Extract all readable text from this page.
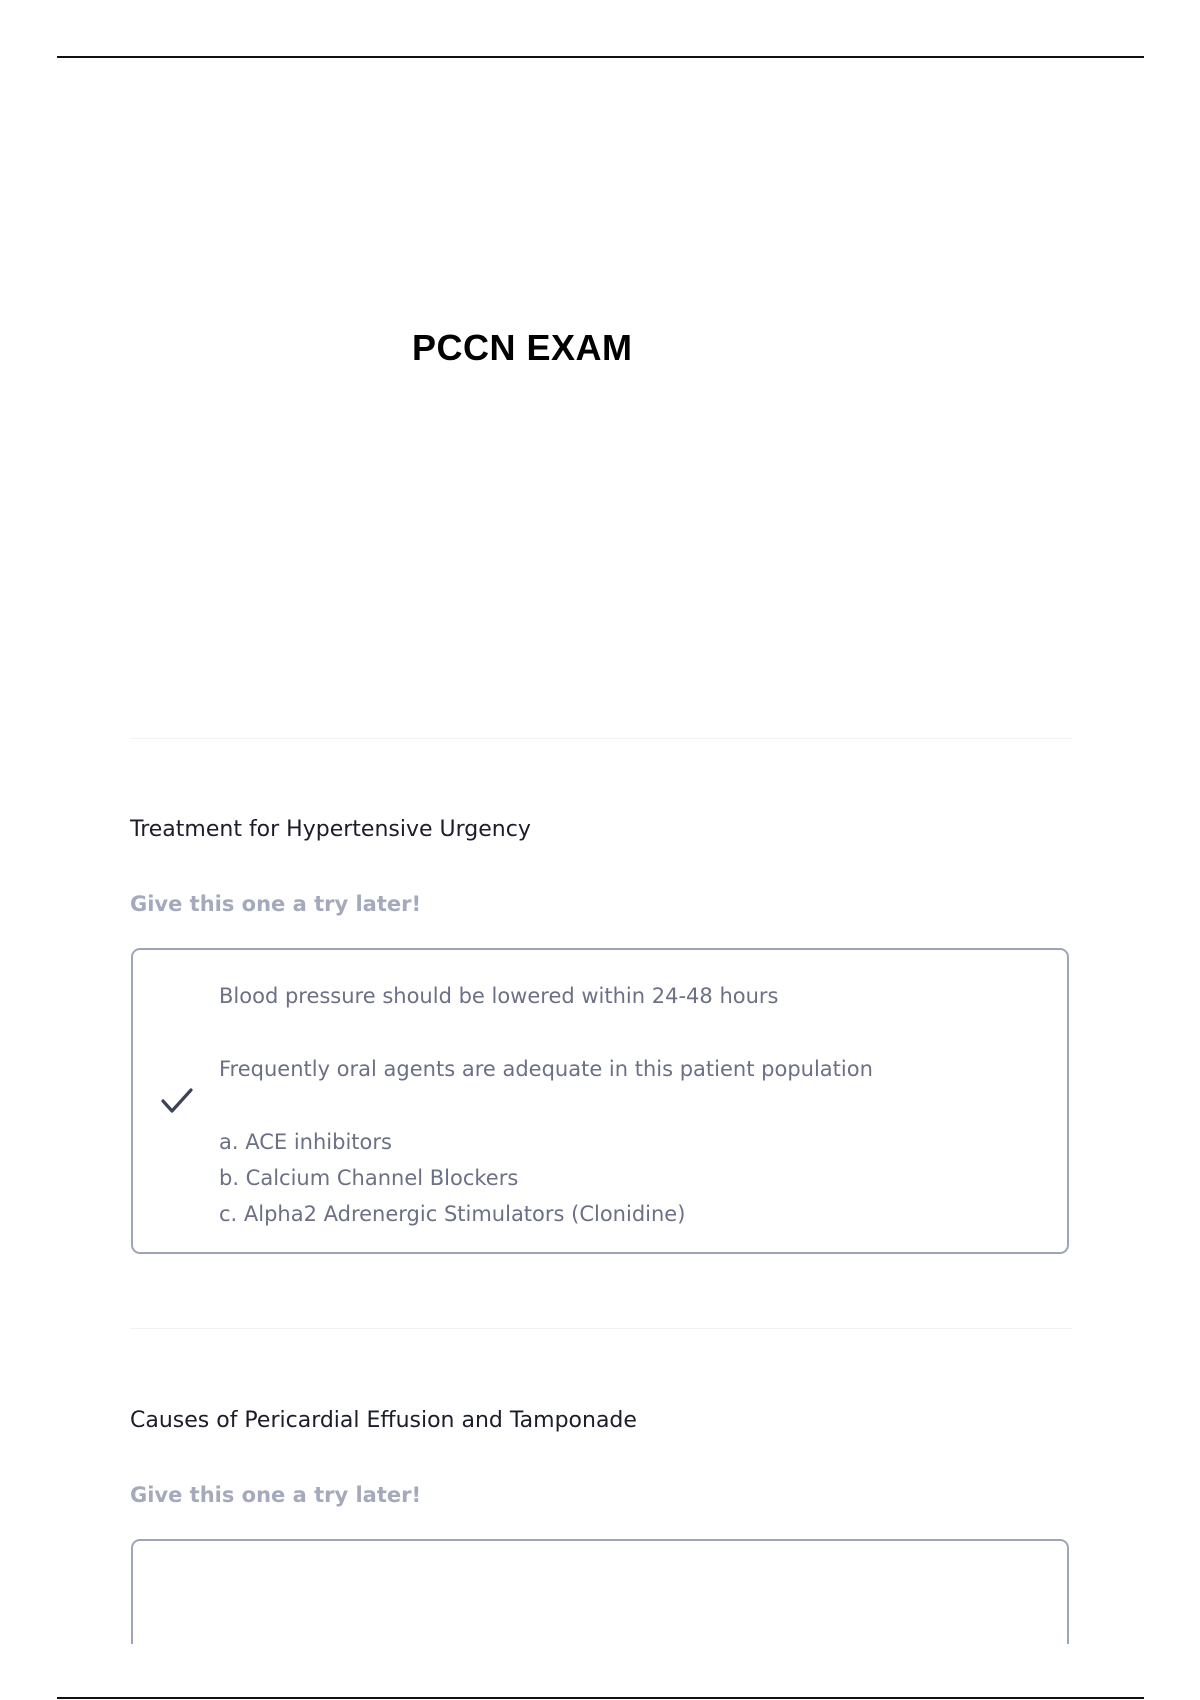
PCCN EXAM
Treatment for Hypertensive Urgency

Give this one a try later!

Blood pressure should be lowered within 24-48 hours
Frequently oral agents are adequate in this patient population
a. ACE inhibitors
b. Calcium Channel Blockers
c. Alpha2 Adrenergic Stimulators (Clonidine)
Causes of Pericardial Effusion and Tamponade

Give this one a try later!
